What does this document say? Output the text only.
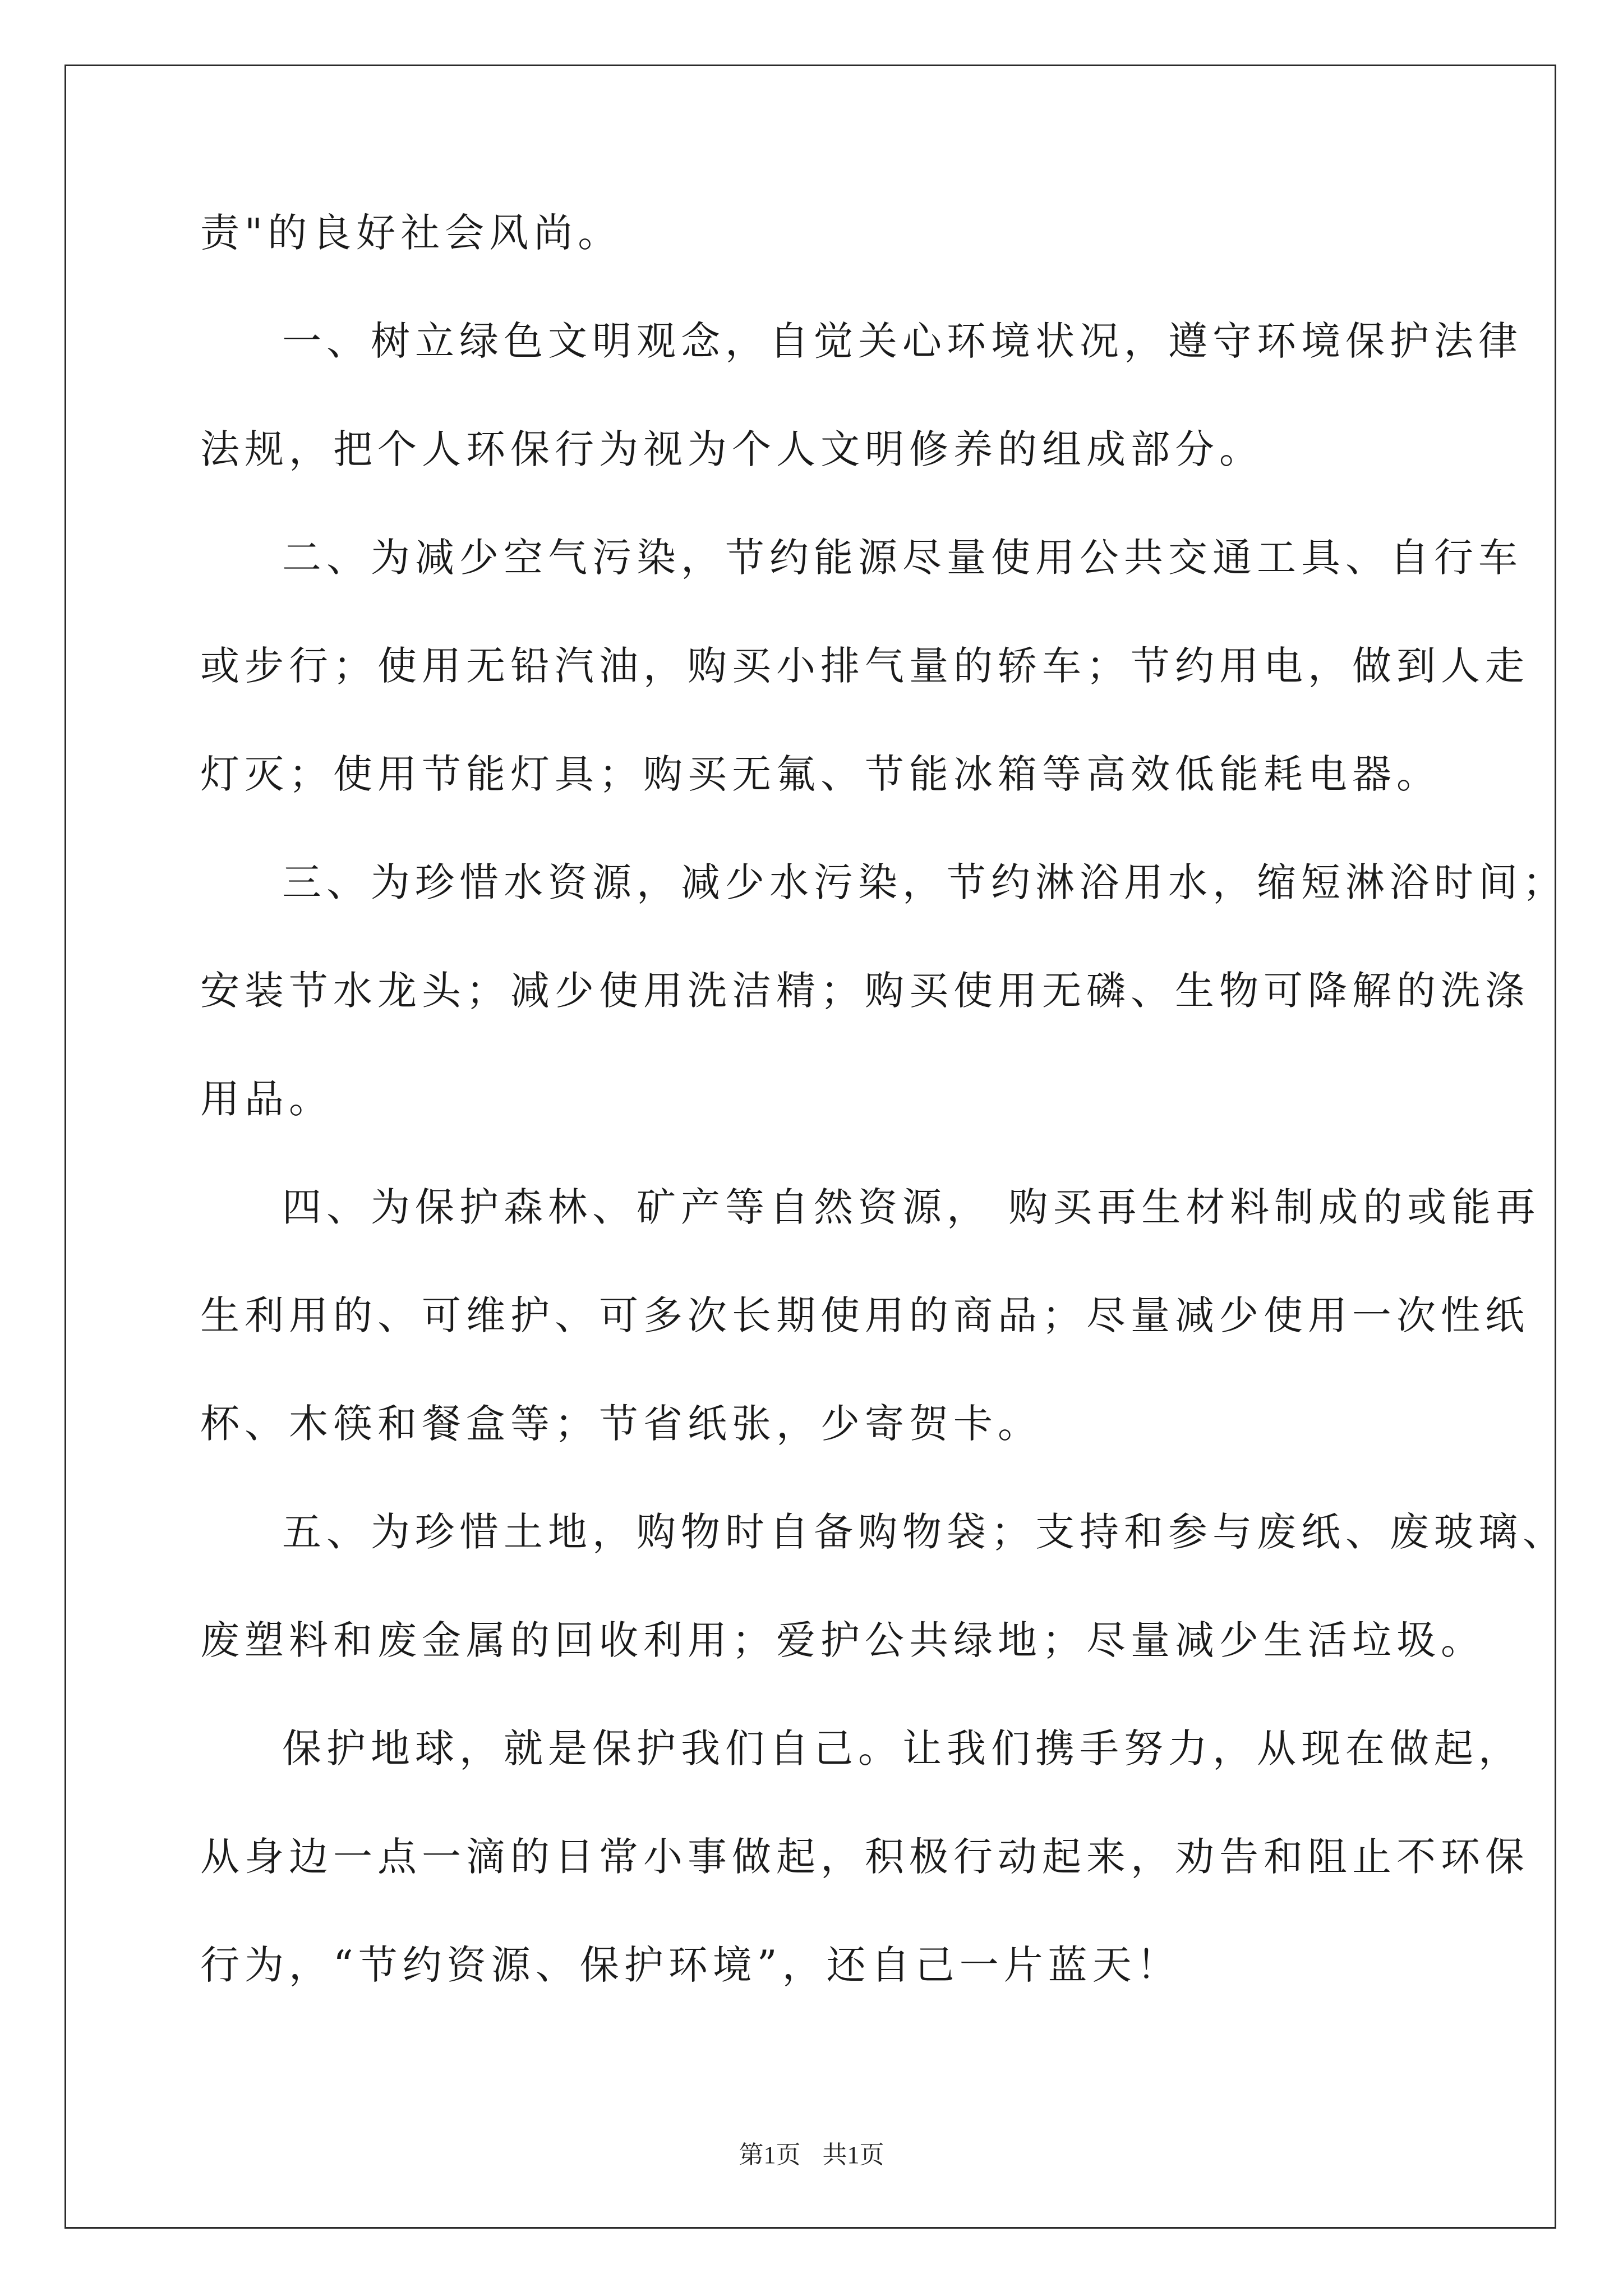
责"的良好社会风尚。
一、树立绿色文明观念，自觉关心环境状况，遵守环境保护法律
法规，把个人环保行为视为个人文明修养的组成部分。
二、为减少空气污染，节约能源尽量使用公共交通工具、自行车
或步行；使用无铅汽油，购买小排气量的轿车；节约用电，做到人走
灯灭；使用节能灯具；购买无氟、节能冰箱等高效低能耗电器。
三、为珍惜水资源，减少水污染，节约淋浴用水，缩短淋浴时间；
安装节水龙头；减少使用洗洁精；购买使用无磷、生物可降解的洗涤
用品。
四、为保护森林、矿产等自然资源， 购买再生材料制成的或能再
生利用的、可维护、可多次长期使用的商品；尽量减少使用一次性纸
杯、木筷和餐盒等；节省纸张，少寄贺卡。
五、为珍惜土地，购物时自备购物袋；支持和参与废纸、废玻璃、
废塑料和废金属的回收利用；爱护公共绿地；尽量减少生活垃圾。
保护地球，就是保护我们自己。让我们携手努力，从现在做起，
从身边一点一滴的日常小事做起，积极行动起来，劝告和阻止不环保
行为，“节约资源、保护环境”，还自己一片蓝天！
第1页 共1页
